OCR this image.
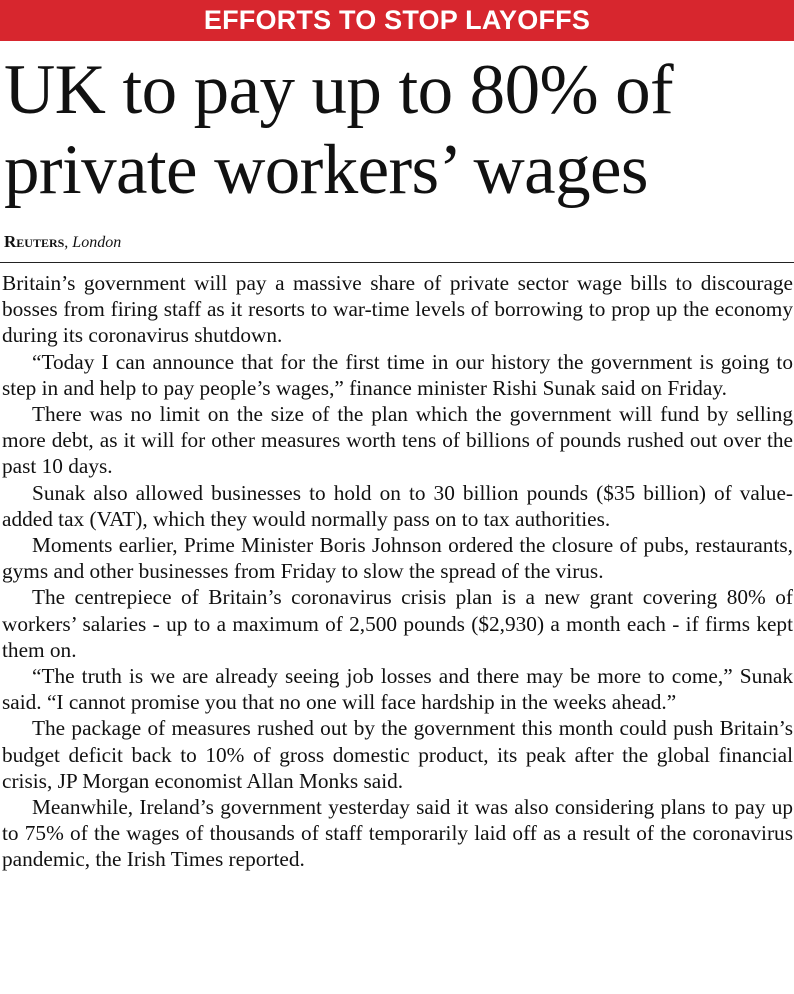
EFFORTS TO STOP LAYOFFS
UK to pay up to 80% of private workers’ wages
Reuters, London

Britain’s government will pay a massive share of private sector wage bills to discourage bosses from firing staff as it resorts to war-time levels of borrowing to prop up the economy during its coronavirus shutdown.

“Today I can announce that for the first time in our history the government is going to step in and help to pay people’s wages,” finance minister Rishi Sunak said on Friday.

There was no limit on the size of the plan which the government will fund by selling more debt, as it will for other measures worth tens of billions of pounds rushed out over the past 10 days.

Sunak also allowed businesses to hold on to 30 billion pounds ($35 billion) of value-added tax (VAT), which they would normally pass on to tax authorities.

Moments earlier, Prime Minister Boris Johnson ordered the closure of pubs, restaurants, gyms and other businesses from Friday to slow the spread of the virus.

The centrepiece of Britain’s coronavirus crisis plan is a new grant covering 80% of workers’ salaries - up to a maximum of 2,500 pounds ($2,930) a month each - if firms kept them on.

“The truth is we are already seeing job losses and there may be more to come,” Sunak said. “I cannot promise you that no one will face hardship in the weeks ahead.”

The package of measures rushed out by the government this month could push Britain’s budget deficit back to 10% of gross domestic product, its peak after the global financial crisis, JP Morgan economist Allan Monks said.

Meanwhile, Ireland’s government yesterday said it was also considering plans to pay up to 75% of the wages of thousands of staff temporarily laid off as a result of the coronavirus pandemic, the Irish Times reported.
